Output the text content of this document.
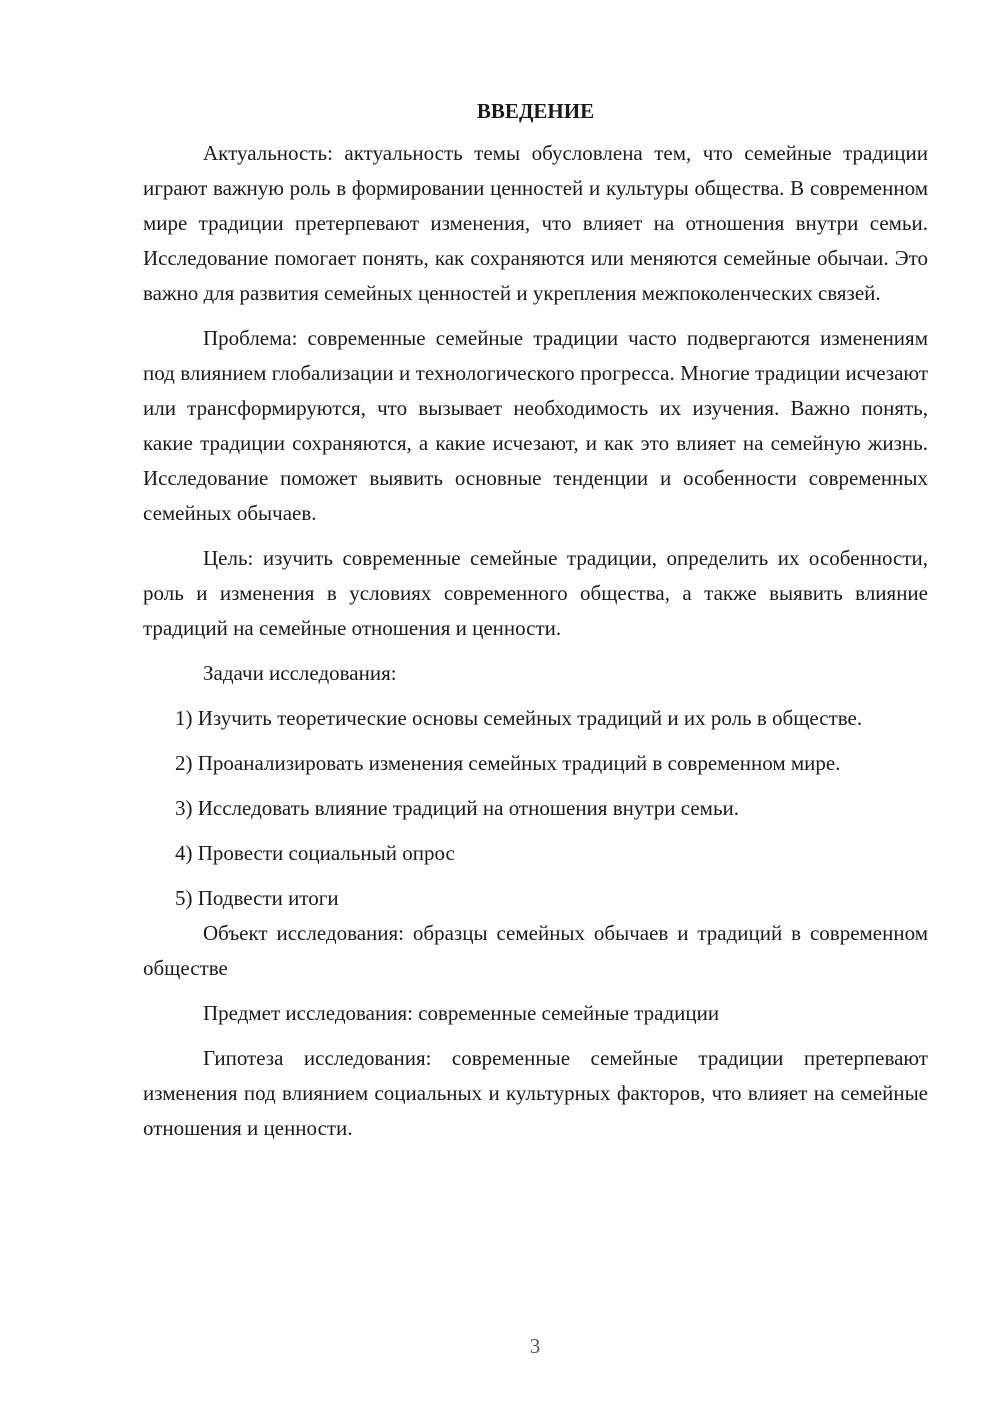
ВВЕДЕНИЕ

Актуальность: актуальность темы обусловлена тем, что семейные традиции играют важную роль в формировании ценностей и культуры общества. В современном мире традиции претерпевают изменения, что влияет на отношения внутри семьи. Исследование помогает понять, как сохраняются или меняются семейные обычаи. Это важно для развития семейных ценностей и укрепления межпоколенческих связей.

Проблема: современные семейные традиции часто подвергаются изменениям под влиянием глобализации и технологического прогресса. Многие традиции исчезают или трансформируются, что вызывает необходимость их изучения. Важно понять, какие традиции сохраняются, а какие исчезают, и как это влияет на семейную жизнь. Исследование поможет выявить основные тенденции и особенности современных семейных обычаев.

Цель: изучить современные семейные традиции, определить их особенности, роль и изменения в условиях современного общества, а также выявить влияние традиций на семейные отношения и ценности.

Задачи исследования:

1) Изучить теоретические основы семейных традиций и их роль в обществе.

2) Проанализировать изменения семейных традиций в современном мире.

3) Исследовать влияние традиций на отношения внутри семьи.

4) Провести социальный опрос

5) Подвести итоги

Объект исследования: образцы семейных обычаев и традиций в современном обществе

Предмет исследования: современные семейные традиции

Гипотеза исследования: современные семейные традиции претерпевают изменения под влиянием социальных и культурных факторов, что влияет на семейные отношения и ценности.

3
